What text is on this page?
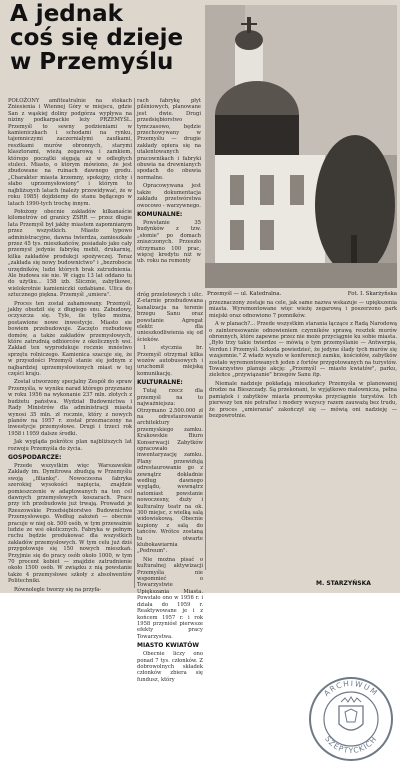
A jednak
coś się dzieje
w Przemyślu

POŁOŻONY amfiteatralnie na stokach Zniesienia i Wiennej Góry w miejscu, gdzie San z wąskiej doliny podgórza wypływa na niziny podkarpackie leży PRZEMYŚL. Przemyśl to sewny podzieniami w kamieniczkach i schodami na rynku, tajemniczymi zaczerniałymi zaułkami, resztkami murów obronnych, starymi klasztorami, wieżą zegarową i zamkiem, którego początki sięgają aż w odległych stuleci. Miasto, o którym mówiono, że jest zbudowane na ruinach dawnego grodu. „Charakter miasta krzemny, spokojny, cichy i słabo uprzemysłowiony" i którym to najbliższych latach (należy przewidywać, że w roku 1985) dojdziemy do stanu będącego w latach 1990-tych trochę innym.

Położony obecnie zakładów kilkanaście kilometrów od granicy ZSRR — przez długie lata Przemyśl był jakby miastem zapomnianym przez wszystkich. Miasto typowo administracyjne, dawna twierdza, zamieszkałe przez 45 tys. mieszkańców, posiadało jako cały przemysł jedynie fabrykę mebli, drukarnię, kilka zakładów produkcji spożywczej. Teraz „zakłada się nowy budownictwo" i „bezrobocie urzędników, ludzi których brak zatrudnienia. Ale budowa sie nie. W ciągu 13 lat oddano tu do użytku... 158 izb. Ślicznie, zabytkowe, wielokrotnie kamieniczki ozdabiane. Ulica do sztucznego piękna. Przemyśl „umiera".

Proces ten został zahamowany. Przemyśl, jakby obudził się z długiego snu. Zabudowy, oczyszcza się. Tyle, ile tylko można, postawione nowe inwestycje. Miasto sie bowiem przebudowuje. Zaczęto rozbudowę domów, a także zakładów przemysłowych, które zatrudnią odbiorców z okolicznych wsi. Zakład ten wyprodukuje rocznie mnóstwo sprzętu rolniczego. Kamienica szacuje się, że w przyszłości Przemyśl stanie się jednym z najbardziej uprzemysłowionych miast w tej części kraju.

Został utworzony specjalny Zespół do spraw Przemyśla, w wyniku narad którego przyznano w roku 1956 na wykonanie 237 mln. złotych z budżetu państwa. Wydział Budownictwa i Rady Ministrów dla administracji miasta wynosi 35 mln. zł rocznie, który z nowych planów na 1957 r. został przeznaczony na inwestycje przemysłowe. Drugi i trzeci rok 1958 i 1959 dalsze środki.

Jak wygląda pokrótce plan najbliższych lat rozwoju Przemyśla do życia.

GOSPODARCZE:

Przede wszystkim więc Warszawskie Zakłady im. Dymitrowa zbudują w Przemyślu swoją „filiankę". Nowoczesna fabryka szerokiej wysokości napięcia, znajdzie pomieszczenie w adaptowanych na ten cel dawnych przemysłowych koszarach. Prace przy ich przebudowie już trwają. Prowadzi je Rzeszowskie Przedsiębiorstwo Budownictwa Przemysłowego. Według założeń — obecnie pracuje w niej ok. 500 osób, w tym przeważnie ludzie ze wsi okolicznych. Fabryka w pełnym ruchu będzie produkować dla wszystkich zakładów przemysłowych. W tym celu już dziś przygotowuje się 150 nowych mieszkań. Przyjmie się do pracy osób około 1000, w tym 70 procent kobiet — znajdzie zatrudnienie około 1500 osób. W związku z nią powstanie także 4 przemysłowe szkoły z absolwentów Politechniki.

Równolegle tworzy się na przyfa-

rach fabrykę płyt pilśniowych, planowane jest dwie. Drugi przedsiębiorstwo tymczasowo, będzie przechowywany w Przemyślu — drugie zakłady opiera się na utalentowanych pracownikach i fabryki obuwia na drewnianych spodach do obuwia normalne.

Opracowywana jest także dokumentacja zakładu przetwórstwa owocowo - warzywnego.

KOMUNALNE:

Powstanie 35 budynków z tzw. „słomie" po domach zniszczonych. Przeszło otrzymano 100 prac, więcej kredytu niż w ub. roku na remonty

Przemyśl — ul. Katedralna.	Fot. I. Skarżyńska

dróg przelotowych i ulic. Z-etarnie przebudowana kanalizacja na terenie brzegu Sanu oraz powstanie Agregat elektr. dla unieszkodliwienia się od ścieków.

1 stycznia br. Przemyśl otrzymał kilka wozów autobusowych i uruchomił miejską komunikację.

KULTURALNE:

Tutaj rzecz dla przemyśl na to najważniejsza: Otrzymano 2.500.000 zł na odrestaurowanie architektury przemyskiego zamku. Krakowskie Biuro Konserwacji Zabytków opracowało inwentaryzację zamku. Plany przewidują odrestaurowanie go z zewnątrz dokładnie według dawnego wyglądu, wewnątrz natomiast powstanie nowoczesny, duży i kulturalny teatr na ok. 300 miejsc, z wielką salą widowiskową. Obecnie kupiony z salą do tańców. Wrótce zostaną tu otwarte klubokawiarnia „Pedreum".

Nie można pisać o kulturalnej aktywizacji Przemyśla nie wspomnieć o Towarzystwie Upiększania Miasta. Powstało ono w 1956 r. i działa do 1959 r. Reaktywowane je i z końcem 1957 r. i rok 1958 przyniósł pierwsze efekty pracy Towarzystwa.

MIASTO KWIATÓW

Obecnie liczy ono ponad 7 tys. członków. Z dobrowolnych składek członków zbiera się fundusz, który

przeznaczony zostaje na cele, jak same nazwa wskazuje — upiększenia miasta. Wyremontowane więc wieżę zegarową i poszerzono park miejski oraz odnowiono 7 pomników.

A w planach?... Przede wszystkim starania łączące z Radą Narodową o zainteresowanie odnowieniem czynników sprawą resztek murów obronnych, które zapewne przez nie może przyciągnie ku sobie miasta. „Było trzy takie twierdze — mówią o tym przemyślanie — Antwerpia, Verdun i Przemyśl. Szkoda powiedzieć, że jedyne ślady tych murów się wzajemnie." Z władz wyszło w konferencji zamku, kościołów, zabytków zostało wyremontowanych jeden z fortów przygotowanych na turystów. Towarzystwo planuje akcję: „Przemyśl — miasto kwiatów", parku, zieleńce „przywiązanie" brzegów Sanu itp.

Niemale nadzieje pokładają mieszkańcy Przemyśla w planowanej drodze na Bieszczady. Są przekonani, te wyjątkowo malownicza, pełna pamiątek i zabytków miasta przemyska przyciągnie turystów. Ich pierwszy ten nie potrafisz i modery wszyscy razem zauważą bez trudu, że proces „umierania" zakończył się — mówią oni nadzieję — bezpowrotnie.

M. STARZYŃSKA
ARCHIWUM
SZEPTYCKICH
